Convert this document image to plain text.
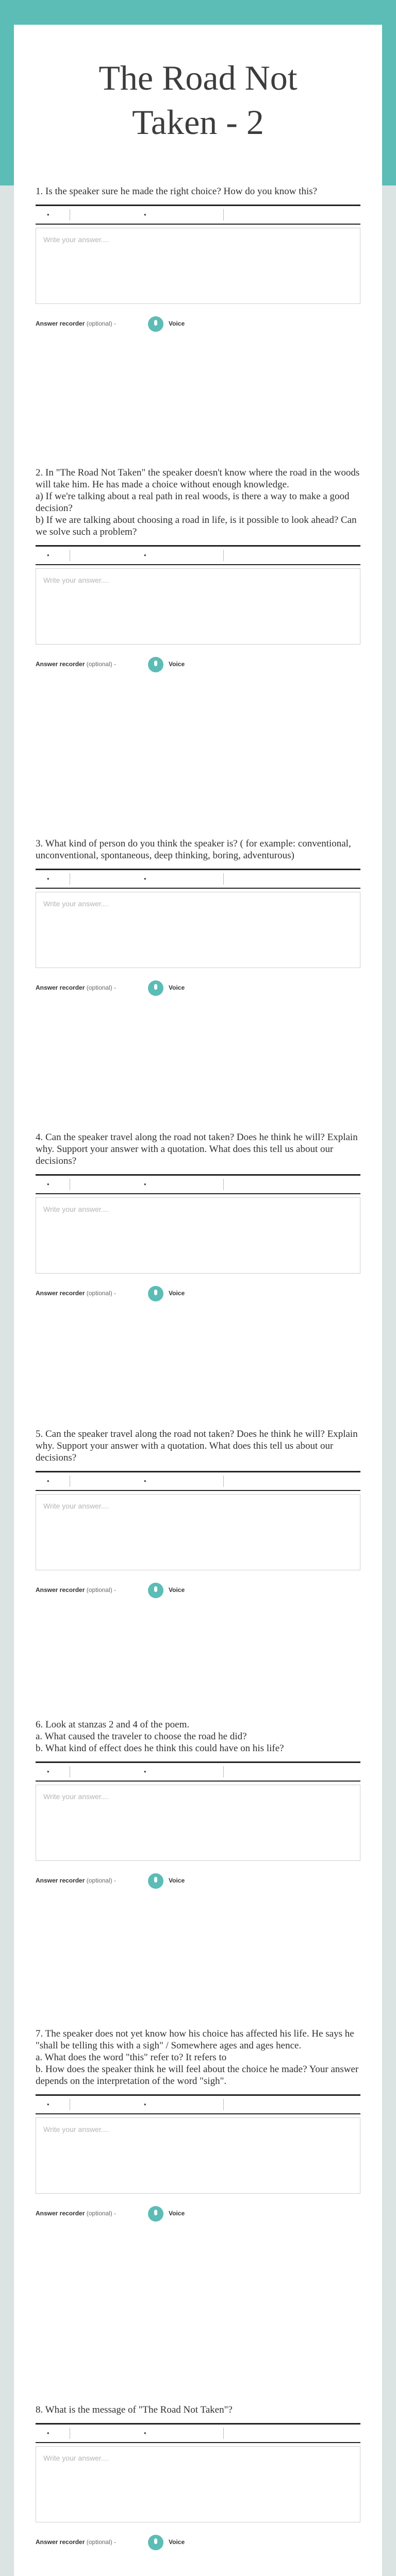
The Road Not Taken - 2

1. Is the speaker sure he made the right choice? How do you know this?

•	•
Write your answer....
Answer recorder (optional) -	Voice

2. In "The Road Not Taken" the speaker doesn't know where the road in the woods will take him. He has made a choice without enough knowledge.
a) If we're talking about a real path in real woods, is there a way to make a good decision?
b) If we are talking about choosing a road in life, is it possible to look ahead? Can we solve such a problem?

•	•
Write your answer....
Answer recorder (optional) -	Voice

3. What kind of person do you think the speaker is? ( for example: conventional, unconventional, spontaneous, deep thinking, boring, adventurous)

•	•
Write your answer....
Answer recorder (optional) -	Voice

4. Can the speaker travel along the road not taken? Does he think he will? Explain why. Support your answer with a quotation. What does this tell us about our decisions?

•	•
Write your answer....
Answer recorder (optional) -	Voice

5. Can the speaker travel along the road not taken? Does he think he will? Explain why. Support your answer with a quotation. What does this tell us about our decisions?

•	•
Write your answer....
Answer recorder (optional) -	Voice

6. Look at stanzas 2 and 4 of the poem.
a. What caused the traveler to choose the road he did?
b. What kind of effect does he think this could have on his life?

•	•
Write your answer....
Answer recorder (optional) -	Voice

7. The speaker does not yet know how his choice has affected his life. He says he "shall be telling this with a sigh" / Somewhere ages and ages hence.
a. What does the word "this" refer to? It refers to
b. How does the speaker think he will feel about the choice he made? Your answer depends on the interpretation of the word "sigh".

•	•
Write your answer....
Answer recorder (optional) -	Voice

8. What is the message of "The Road Not Taken"?

•	•
Write your answer....
Answer recorder (optional) -	Voice
